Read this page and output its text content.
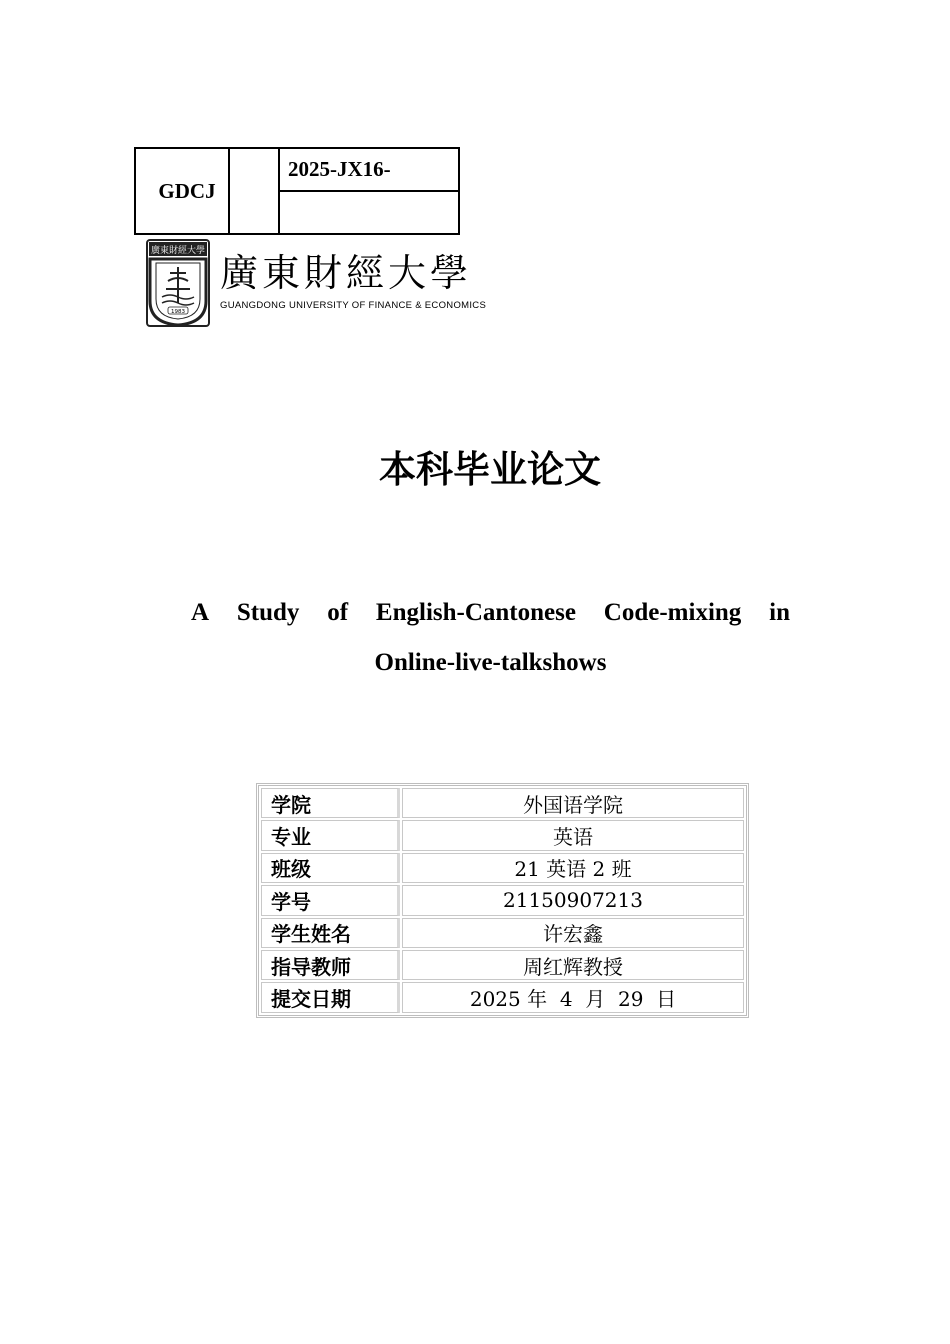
GDCJ
2025-JX16-
廣東財經大學
1983
廣東財經大學
GUANGDONG UNIVERSITY OF FINANCE & ECONOMICS
本科毕业论文
A Study of English-Cantonese Code-mixing in
Online-live-talkshows
学院	外国语学院
专业	英语
班级	21 英语 2 班
学号	21150907213
学生姓名	许宏鑫
指导教师	周红辉教授
提交日期	2025 年  4  月  29  日
